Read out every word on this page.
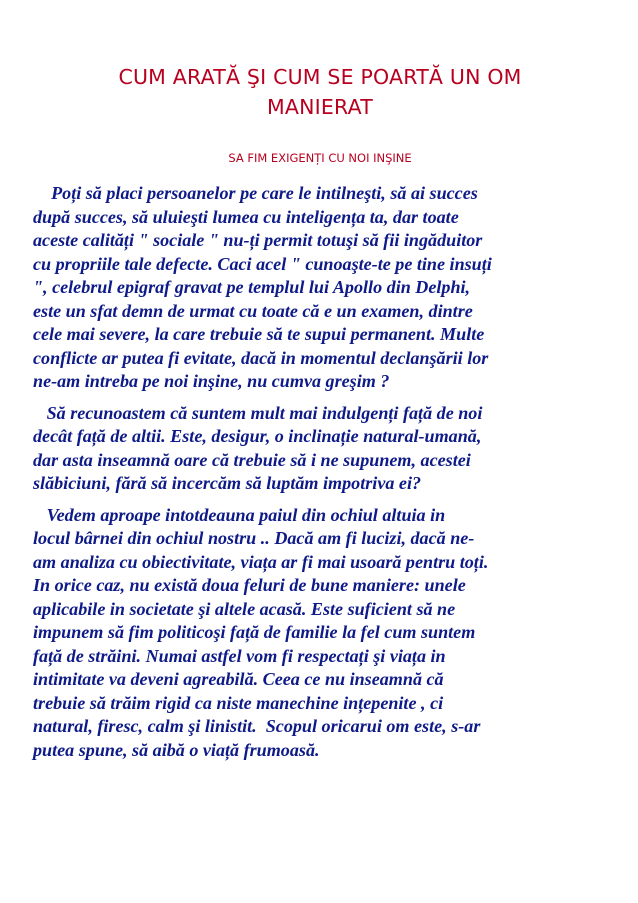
CUM ARATĂ ŞI CUM SE POARTĂ UN OM
MANIERAT

SA FIM EXIGENȚI CU NOI INŞINE

Poți să placi persoanelor pe care le intilneşti, să ai succes
după succes, să uluieşti lumea cu inteligența ta, dar toate
aceste calități " sociale " nu-ți permit totuşi să fii ingăduitor
cu propriile tale defecte. Caci acel " cunoaşte-te pe tine insuți
", celebrul epigraf gravat pe templul lui Apollo din Delphi,
este un sfat demn de urmat cu toate că e un examen, dintre
cele mai severe, la care trebuie să te supui permanent. Multe
conflicte ar putea fi evitate, dacă in momentul declanşării lor
ne-am intreba pe noi inşine, nu cumva greşim ?

Să recunoastem că suntem mult mai indulgenți față de noi
decât față de altii. Este, desigur, o inclinație natural-umană,
dar asta inseamnă oare că trebuie să i ne supunem, acestei
slăbiciuni, fără să incercăm să luptăm impotriva ei?

Vedem aproape intotdeauna paiul din ochiul altuia in
locul bârnei din ochiul nostru .. Dacă am fi lucizi, dacă ne-
am analiza cu obiectivitate, viața ar fi mai usoară pentru toți.
In orice caz, nu există doua feluri de bune maniere: unele
aplicabile in societate şi altele acasă. Este suficient să ne
impunem să fim politicoşi față de familie la fel cum suntem
față de străini. Numai astfel vom fi respectați şi viața in
intimitate va deveni agreabilă. Ceea ce nu inseamnă că
trebuie să trăim rigid ca niste manechine ințepenite , ci
natural, firesc, calm şi linistit.  Scopul oricarui om este, s-ar
putea spune, să aibă o viață frumoasă.
